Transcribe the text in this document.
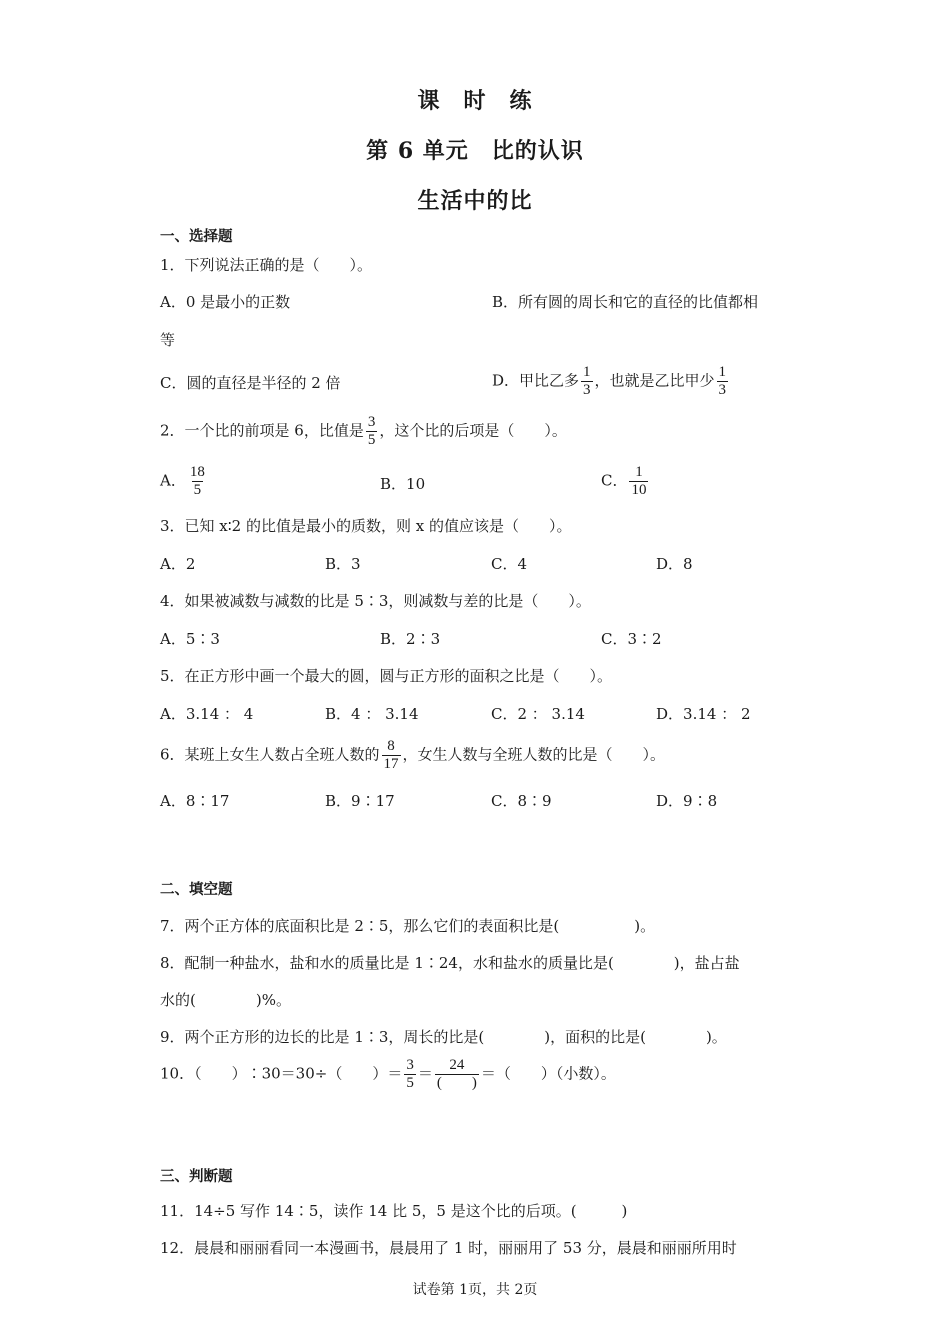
课　时　练
第 6 单元　比的认识
生活中的比
一、选择题
1．下列说法正确的是（　　）。
A．0 是最小的正数	B．所有圆的周长和它的直径的比值都相
等
C．圆的直径是半径的 2 倍	D．甲比乙多 $\frac{1}{3}$ ，也就是乙比甲少 $\frac{1}{3}$
2．一个比的前项是 6，比值是 $\frac{3}{5}$ ，这个比的后项是（　　）。
A． $\frac{18}{5}$	B．10	C． $\frac{1}{10}$
3．已知 x∶2 的比值是最小的质数，则 x 的值应该是（　　）。
A．2	B．3	C．4	D．8
4．如果被减数与减数的比是 5∶3，则减数与差的比是（　　）。
A．5∶3	B．2∶3	C．3∶2
5．在正方形中画一个最大的圆，圆与正方形的面积之比是（　　）。
A．3.14 ： 4	B．4 ： 3.14	C．2 ： 3.14	D．3.14 ： 2
6．某班上女生人数占全班人数的 $\frac{8}{17}$ ，女生人数与全班人数的比是（　　）。
A．8∶17	B．9∶17	C．8∶9	D．9∶8
二、填空题
7．两个正方体的底面积比是 2∶5，那么它们的表面积比是(　　　　　)。
8．配制一种盐水，盐和水的质量比是 1∶24，水和盐水的质量比是(　　　　)，盐占盐
水的(　　　　)%。
9．两个正方形的边长的比是 1∶3，周长的比是(　　　　)，面积的比是(　　　　)。
10．（　　）∶30＝30÷（　　）＝ $\frac{3}{5} = \frac{24}{( )}$ ＝（　　）（小数）。
三、判断题
11．14÷5 写作 14∶5，读作 14 比 5，5 是这个比的后项。(　　　)
12．晨晨和丽丽看同一本漫画书，晨晨用了 1 时，丽丽用了 53 分，晨晨和丽丽所用时
试卷第 1页，共 2页
